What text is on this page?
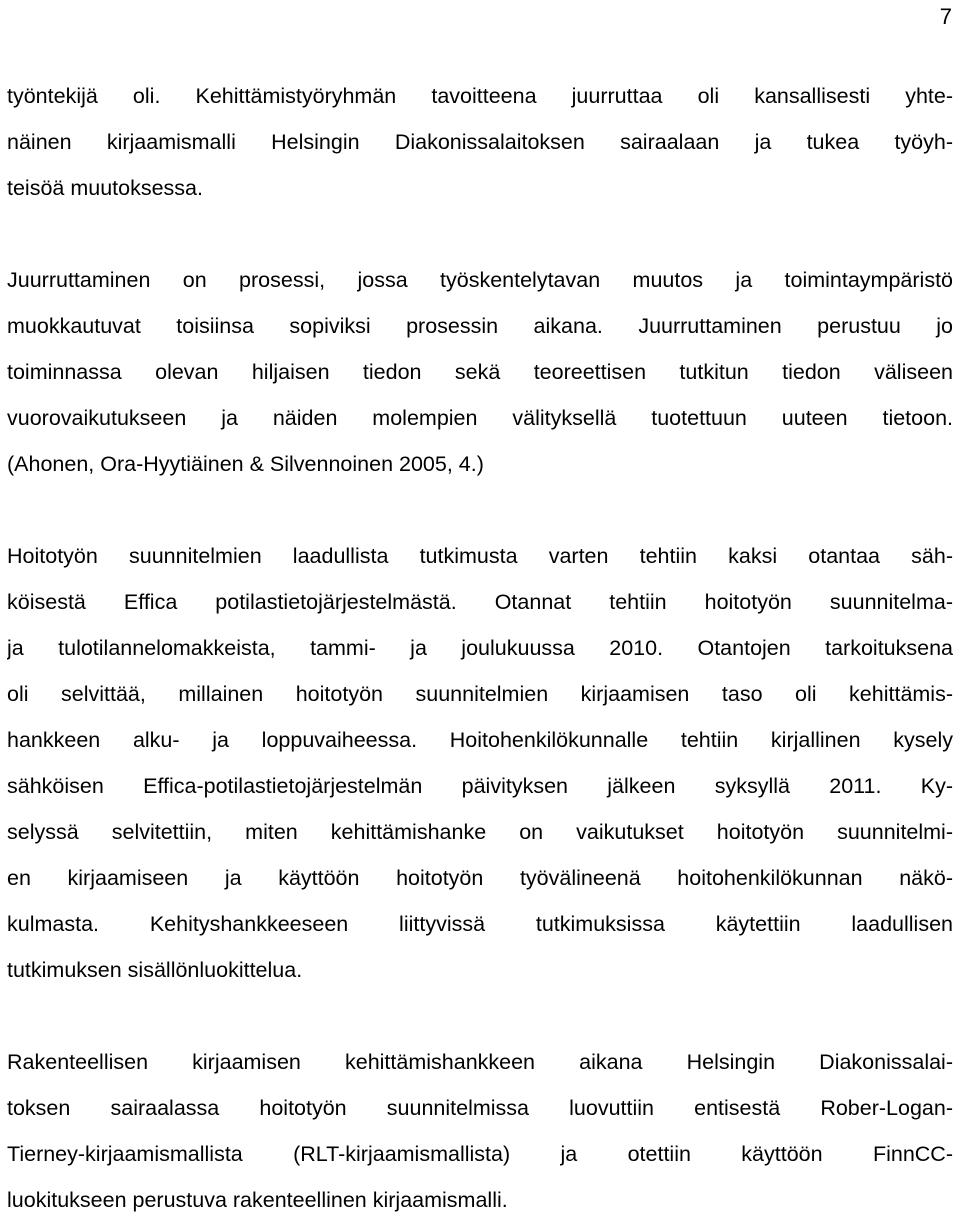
7
työntekijä oli. Kehittämistyöryhmän tavoitteena juurruttaa oli kansallisesti yhte-
näinen kirjaamismalli Helsingin Diakonissalaitoksen sairaalaan ja tukea työyh-
teisöä muutoksessa.
Juurruttaminen on prosessi, jossa työskentelytavan muutos ja toimintaympäristö
muokkautuvat toisiinsa sopiviksi prosessin aikana. Juurruttaminen perustuu jo
toiminnassa olevan hiljaisen tiedon sekä teoreettisen tutkitun tiedon väliseen
vuorovaikutukseen ja näiden molempien välityksellä tuotettuun uuteen tietoon.
(Ahonen, Ora-Hyytiäinen & Silvennoinen 2005, 4.)
Hoitotyön suunnitelmien laadullista tutkimusta varten tehtiin kaksi otantaa säh-
köisestä Effica potilastietojärjestelmästä. Otannat tehtiin hoitotyön suunnitelma-
ja tulotilannelomakkeista, tammi- ja joulukuussa 2010. Otantojen tarkoituksena
oli selvittää, millainen hoitotyön suunnitelmien kirjaamisen taso oli kehittämis-
hankkeen alku- ja loppuvaiheessa. Hoitohenkilökunnalle tehtiin kirjallinen kysely
sähköisen Effica-potilastietojärjestelmän päivityksen jälkeen syksyllä 2011. Ky-
selyssä selvitettiin, miten kehittämishanke on vaikutukset hoitotyön suunnitelmi-
en kirjaamiseen ja käyttöön hoitotyön työvälineenä hoitohenkilökunnan näkö-
kulmasta. Kehityshankkeeseen liittyvissä tutkimuksissa käytettiin laadullisen
tutkimuksen sisällönluokittelua.
Rakenteellisen kirjaamisen kehittämishankkeen aikana Helsingin Diakonissalai-
toksen sairaalassa hoitotyön suunnitelmissa luovuttiin entisestä Rober-Logan-
Tierney-kirjaamismallista (RLT-kirjaamismallista) ja otettiin käyttöön FinnCC-
luokitukseen perustuva rakenteellinen kirjaamismalli.
